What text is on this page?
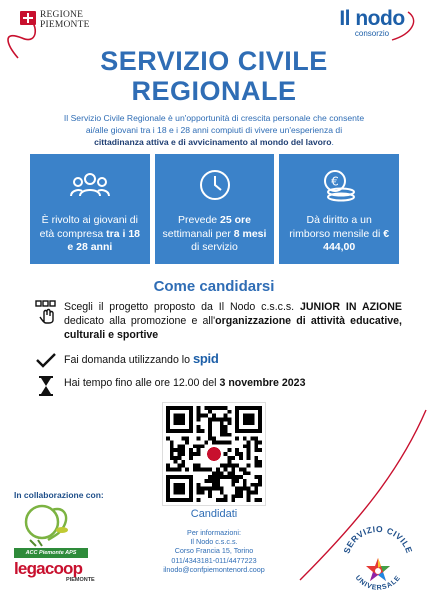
REGIONE
PIEMONTE	Il nodo
consorzio
SERVIZIO CIVILE
REGIONALE
Il Servizio Civile Regionale è un'opportunità di crescita personale che consente
ai/alle giovani tra i 18 e i 28 anni compiuti di vivere un'esperienza di
cittadinanza attiva e di avvicinamento al mondo del lavoro.
È rivolto ai giovani di età compresa tra i 18 e 28 anni
Prevede 25 ore settimanali per 8 mesi di servizio
€
Dà diritto a un rimborso mensile di € 444,00
Come candidarsi
Scegli il progetto proposto da Il Nodo c.s.c.s. JUNIOR IN AZIONE dedicato alla promozione e all'organizzazione di attività educative, culturali e sportive
Fai domanda utilizzando lo spid
Hai tempo fino alle ore 12.00 del 3 novembre 2023
Candidati
Per informazioni:
Il Nodo c.s.c.s.
Corso Francia 15, Torino
011/4343181-011/4477223
ilnodo@confpiemontenord.coop
In collaborazione con:
ACC Piemonte APS
legacoop
PIEMONTE
SERVIZIO CIVILE
UNIVERSALE
